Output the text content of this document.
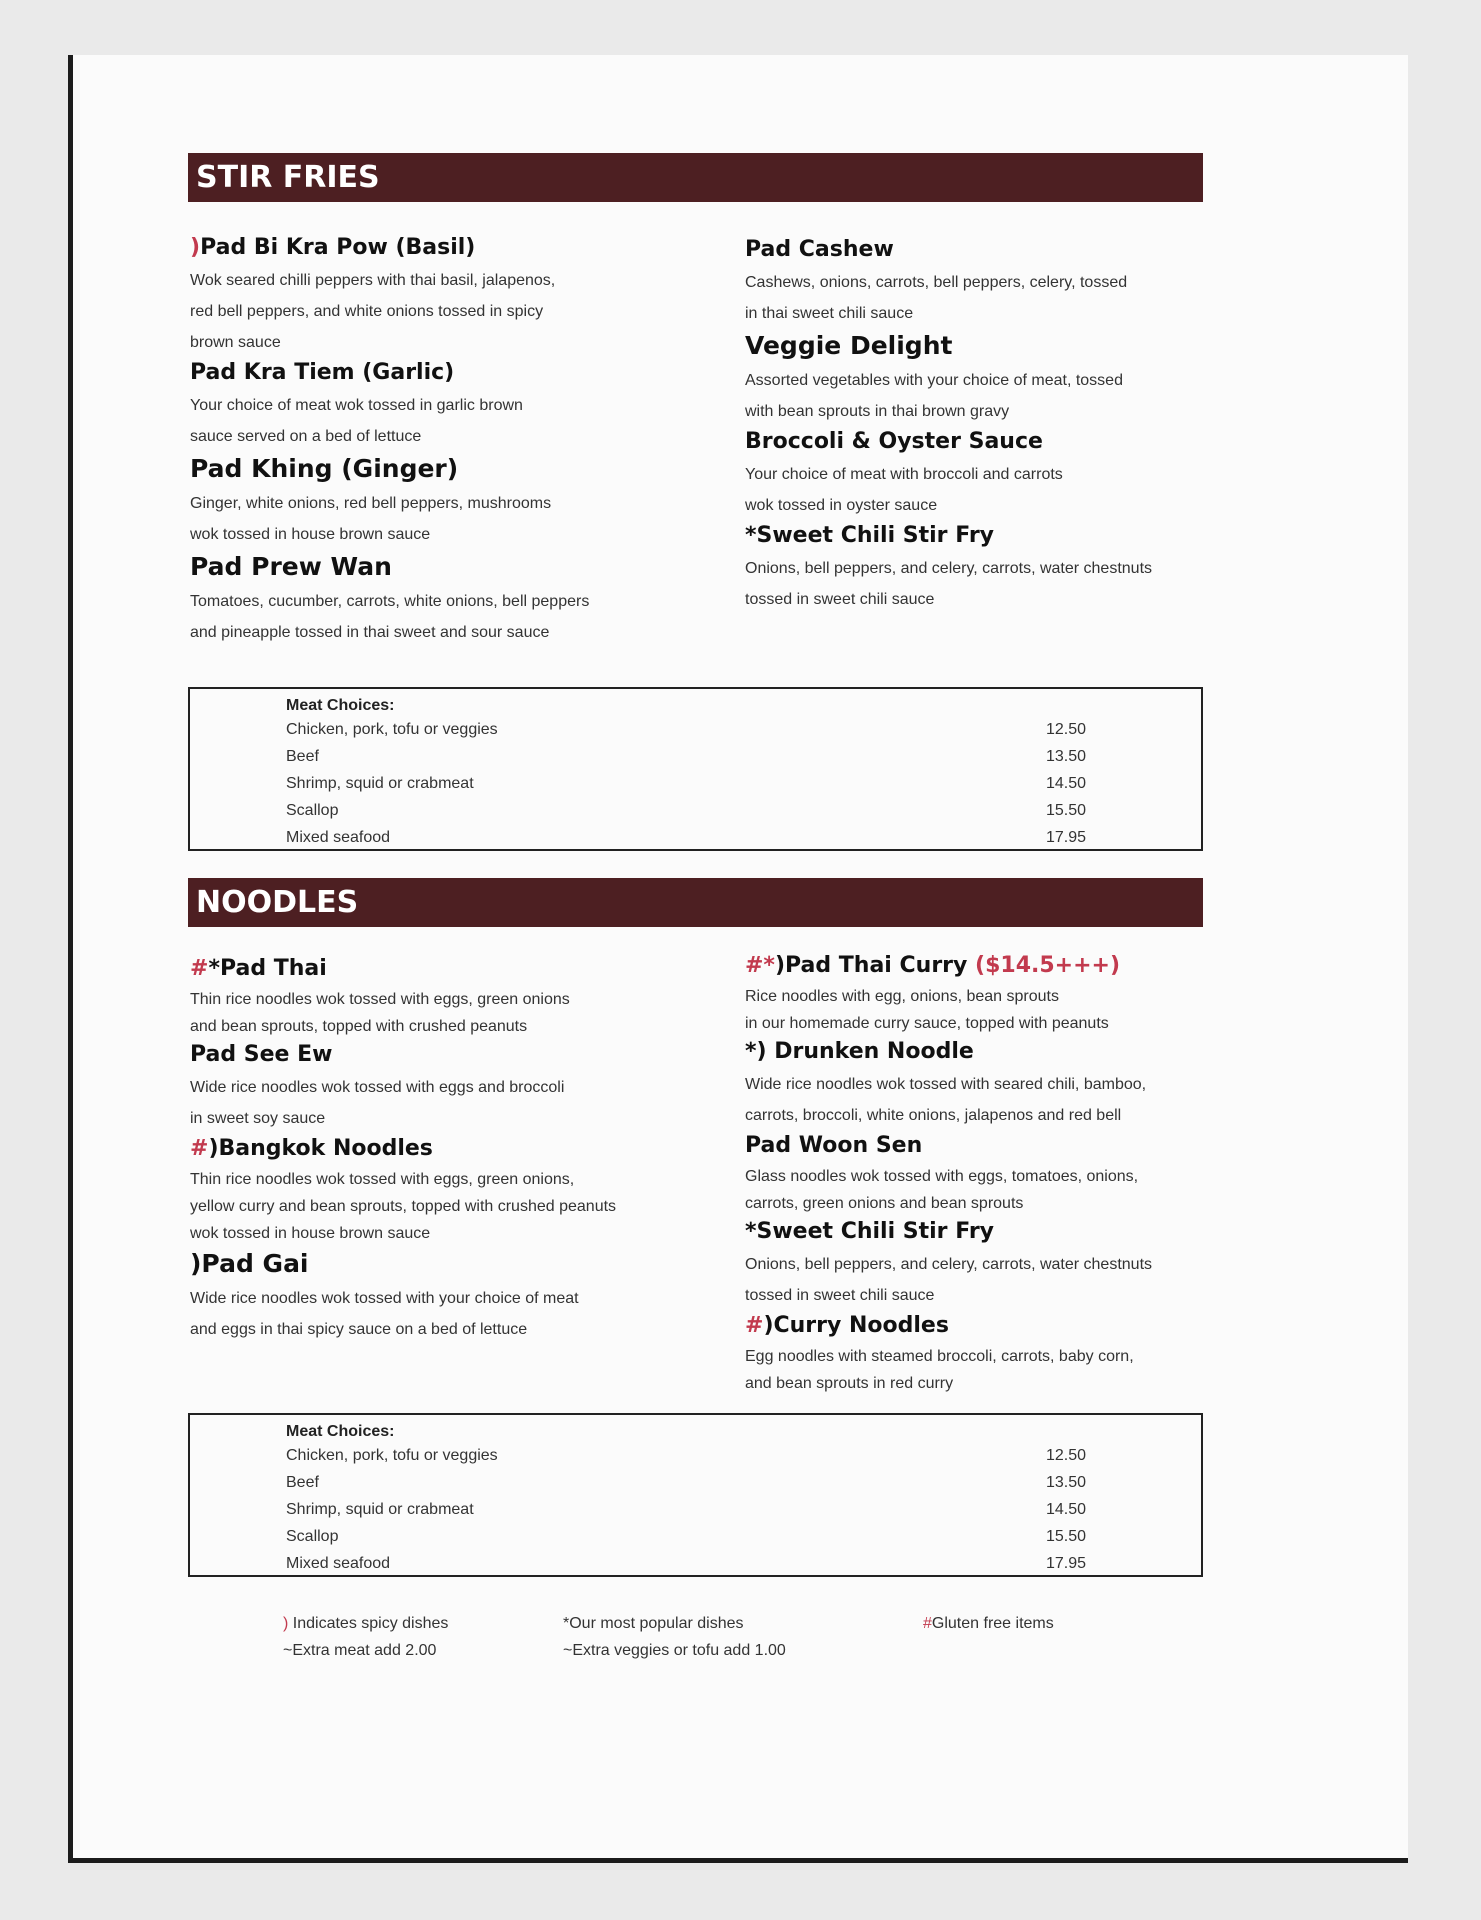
STIR FRIES
)Pad Bi Kra Pow (Basil)
Wok seared chilli peppers with thai basil, jalapenos,
red bell peppers, and white onions tossed in spicy
brown sauce
Pad Kra Tiem (Garlic)
Your choice of meat wok tossed in garlic brown
sauce served on a bed of lettuce
Pad Khing (Ginger)
Ginger, white onions, red bell peppers, mushrooms
wok tossed in house brown sauce
Pad Prew Wan
Tomatoes, cucumber, carrots, white onions, bell peppers
and pineapple tossed in thai sweet and sour sauce
Pad Cashew
Cashews, onions, carrots, bell peppers, celery, tossed
in thai sweet chili sauce
Veggie Delight
Assorted vegetables with your choice of meat, tossed
with bean sprouts in thai brown gravy
Broccoli & Oyster Sauce
Your choice of meat with broccoli and carrots
wok tossed in oyster sauce
*Sweet Chili Stir Fry
Onions, bell peppers, and celery, carrots, water chestnuts
tossed in sweet chili sauce
Meat Choices:
Chicken, pork, tofu or veggies	12.50
Beef	13.50
Shrimp, squid or crabmeat	14.50
Scallop	15.50
Mixed seafood	17.95
NOODLES
#*Pad Thai
Thin rice noodles wok tossed with eggs, green onions
and bean sprouts, topped with crushed peanuts
Pad See Ew
Wide rice noodles wok tossed with eggs and broccoli
in sweet soy sauce
#)Bangkok Noodles
Thin rice noodles wok tossed with eggs, green onions,
yellow curry and bean sprouts, topped with crushed peanuts
wok tossed in house brown sauce
)Pad Gai
Wide rice noodles wok tossed with your choice of meat
and eggs in thai spicy sauce on a bed of lettuce
#*)Pad Thai Curry ($14.5+++)
Rice noodles with egg, onions, bean sprouts
in our homemade curry sauce, topped with peanuts
*) Drunken Noodle
Wide rice noodles wok tossed with seared chili, bamboo,
carrots, broccoli, white onions, jalapenos and red bell
Pad Woon Sen
Glass noodles wok tossed with eggs, tomatoes, onions,
carrots, green onions and bean sprouts
*Sweet Chili Stir Fry
Onions, bell peppers, and celery, carrots, water chestnuts
tossed in sweet chili sauce
#)Curry Noodles
Egg noodles with steamed broccoli, carrots, baby corn,
and bean sprouts in red curry
Meat Choices:
Chicken, pork, tofu or veggies	12.50
Beef	13.50
Shrimp, squid or crabmeat	14.50
Scallop	15.50
Mixed seafood	17.95
) Indicates spicy dishes
~Extra meat add 2.00
*Our most popular dishes
~Extra veggies or tofu add 1.00
#Gluten free items
